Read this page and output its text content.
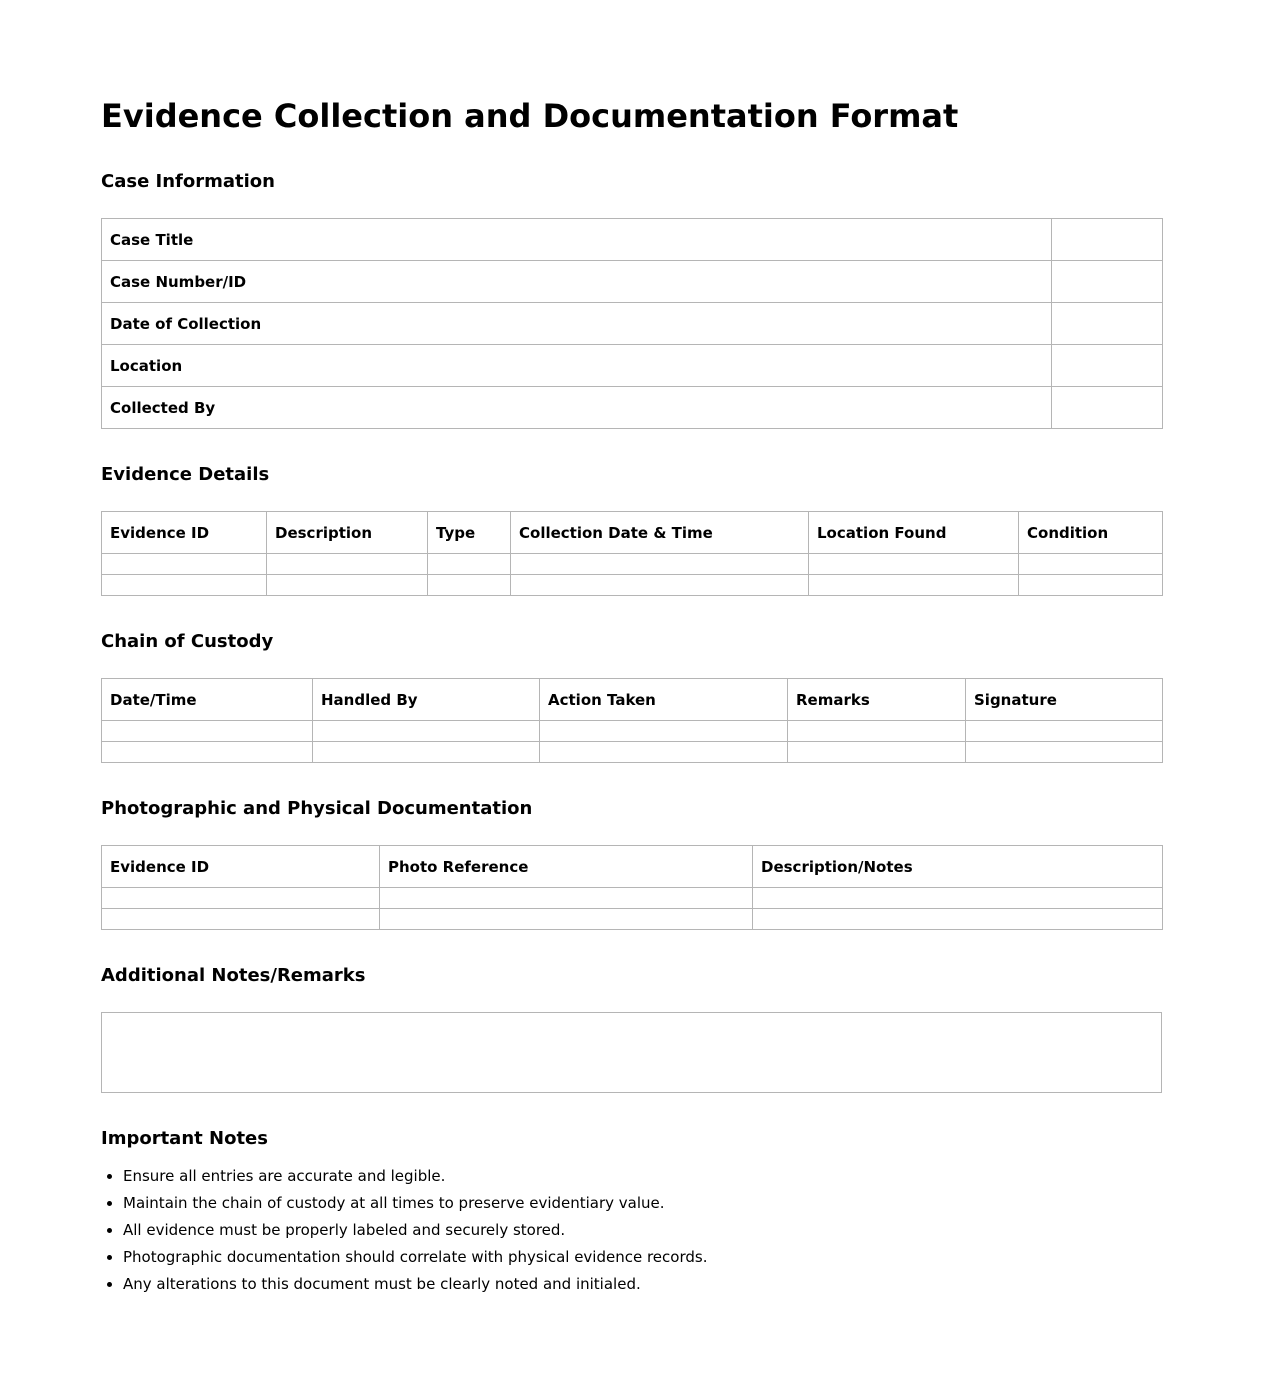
Evidence Collection and Documentation Format
Case Information
Case Title	
Case Number/ID	
Date of Collection	
Location	
Collected By	
Evidence Details
Evidence ID	Description	Type	Collection Date & Time	Location Found	Condition

Chain of Custody
Date/Time	Handled By	Action Taken	Remarks	Signature

Photographic and Physical Documentation
Evidence ID	Photo Reference	Description/Notes

Additional Notes/Remarks
Important Notes
• Ensure all entries are accurate and legible.
• Maintain the chain of custody at all times to preserve evidentiary value.
• All evidence must be properly labeled and securely stored.
• Photographic documentation should correlate with physical evidence records.
• Any alterations to this document must be clearly noted and initialed.
